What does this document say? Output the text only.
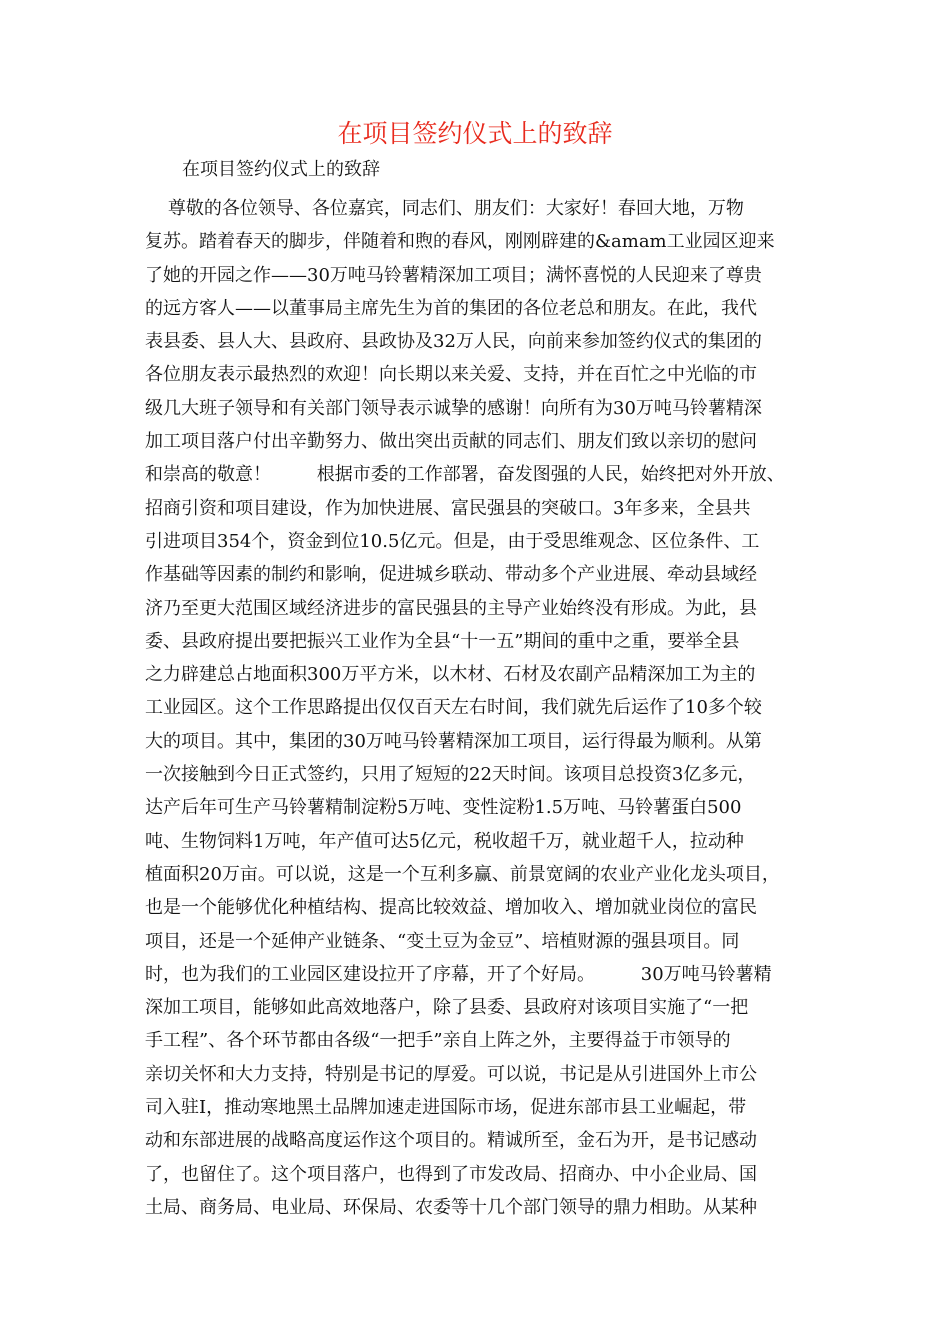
在项目签约仪式上的致辞

在项目签约仪式上的致辞

尊敬的各位领导、各位嘉宾，同志们、朋友们：大家好！春回大地，万物
复苏。踏着春天的脚步，伴随着和煦的春风，刚刚辟建的&amam工业园区迎来
了她的开园之作——30万吨马铃薯精深加工项目；满怀喜悦的人民迎来了尊贵
的远方客人——以董事局主席先生为首的集团的各位老总和朋友。在此，我代
表县委、县人大、县政府、县政协及32万人民，向前来参加签约仪式的集团的
各位朋友表示最热烈的欢迎！向长期以来关爱、支持，并在百忙之中光临的市
级几大班子领导和有关部门领导表示诚挚的感谢！向所有为30万吨马铃薯精深
加工项目落户付出辛勤努力、做出突出贡献的同志们、朋友们致以亲切的慰问
和崇高的敬意！        根据市委的工作部署，奋发图强的人民，始终把对外开放、
招商引资和项目建设，作为加快进展、富民强县的突破口。3年多来，全县共
引进项目354个，资金到位10.5亿元。但是，由于受思维观念、区位条件、工
作基础等因素的制约和影响，促进城乡联动、带动多个产业进展、牵动县域经
济乃至更大范围区域经济进步的富民强县的主导产业始终没有形成。为此，县
委、县政府提出要把振兴工业作为全县“十一五”期间的重中之重，要举全县
之力辟建总占地面积300万平方米，以木材、石材及农副产品精深加工为主的
工业园区。这个工作思路提出仅仅百天左右时间，我们就先后运作了10多个较
大的项目。其中，集团的30万吨马铃薯精深加工项目，运行得最为顺利。从第
一次接触到今日正式签约，只用了短短的22天时间。该项目总投资3亿多元，
达产后年可生产马铃薯精制淀粉5万吨、变性淀粉1.5万吨、马铃薯蛋白500
吨、生物饲料1万吨，年产值可达5亿元，税收超千万，就业超千人，拉动种
植面积20万亩。可以说，这是一个互利多赢、前景宽阔的农业产业化龙头项目，
也是一个能够优化种植结构、提高比较效益、增加收入、增加就业岗位的富民
项目，还是一个延伸产业链条、“变土豆为金豆”、培植财源的强县项目。同
时，也为我们的工业园区建设拉开了序幕，开了个好局。        30万吨马铃薯精
深加工项目，能够如此高效地落户，除了县委、县政府对该项目实施了“一把
手工程”、各个环节都由各级“一把手”亲自上阵之外，主要得益于市领导的
亲切关怀和大力支持，特别是书记的厚爱。可以说，书记是从引进国外上市公
司入驻I，推动寒地黑土品牌加速走进国际市场，促进东部市县工业崛起，带
动和东部进展的战略高度运作这个项目的。精诚所至，金石为开，是书记感动
了，也留住了。这个项目落户，也得到了市发改局、招商办、中小企业局、国
土局、商务局、电业局、环保局、农委等十几个部门领导的鼎力相助。从某种
